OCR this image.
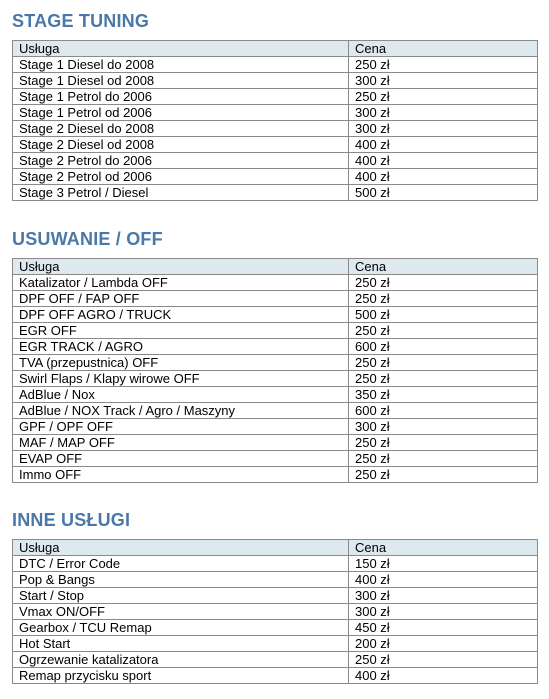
STAGE TUNING
Usługa	Cena
Stage 1 Diesel do 2008	250 zł
Stage 1 Diesel od 2008	300 zł
Stage 1 Petrol do 2006	250 zł
Stage 1 Petrol od 2006	300 zł
Stage 2 Diesel do 2008	300 zł
Stage 2 Diesel od 2008	400 zł
Stage 2 Petrol do 2006	400 zł
Stage 2 Petrol od 2006	400 zł
Stage 3 Petrol / Diesel	500 zł
USUWANIE / OFF
Usługa	Cena
Katalizator / Lambda OFF	250 zł
DPF OFF / FAP OFF	250 zł
DPF OFF AGRO / TRUCK	500 zł
EGR OFF	250 zł
EGR TRACK / AGRO	600 zł
TVA (przepustnica) OFF	250 zł
Swirl Flaps / Klapy wirowe OFF	250 zł
AdBlue / Nox	350 zł
AdBlue / NOX Track / Agro / Maszyny	600 zł
GPF / OPF OFF	300 zł
MAF / MAP OFF	250 zł
EVAP OFF	250 zł
Immo OFF	250 zł
INNE USŁUGI
Usługa	Cena
DTC / Error Code	150 zł
Pop & Bangs	400 zł
Start / Stop	300 zł
Vmax ON/OFF	300 zł
Gearbox / TCU Remap	450 zł
Hot Start	200 zł
Ogrzewanie katalizatora	250 zł
Remap przycisku sport	400 zł
